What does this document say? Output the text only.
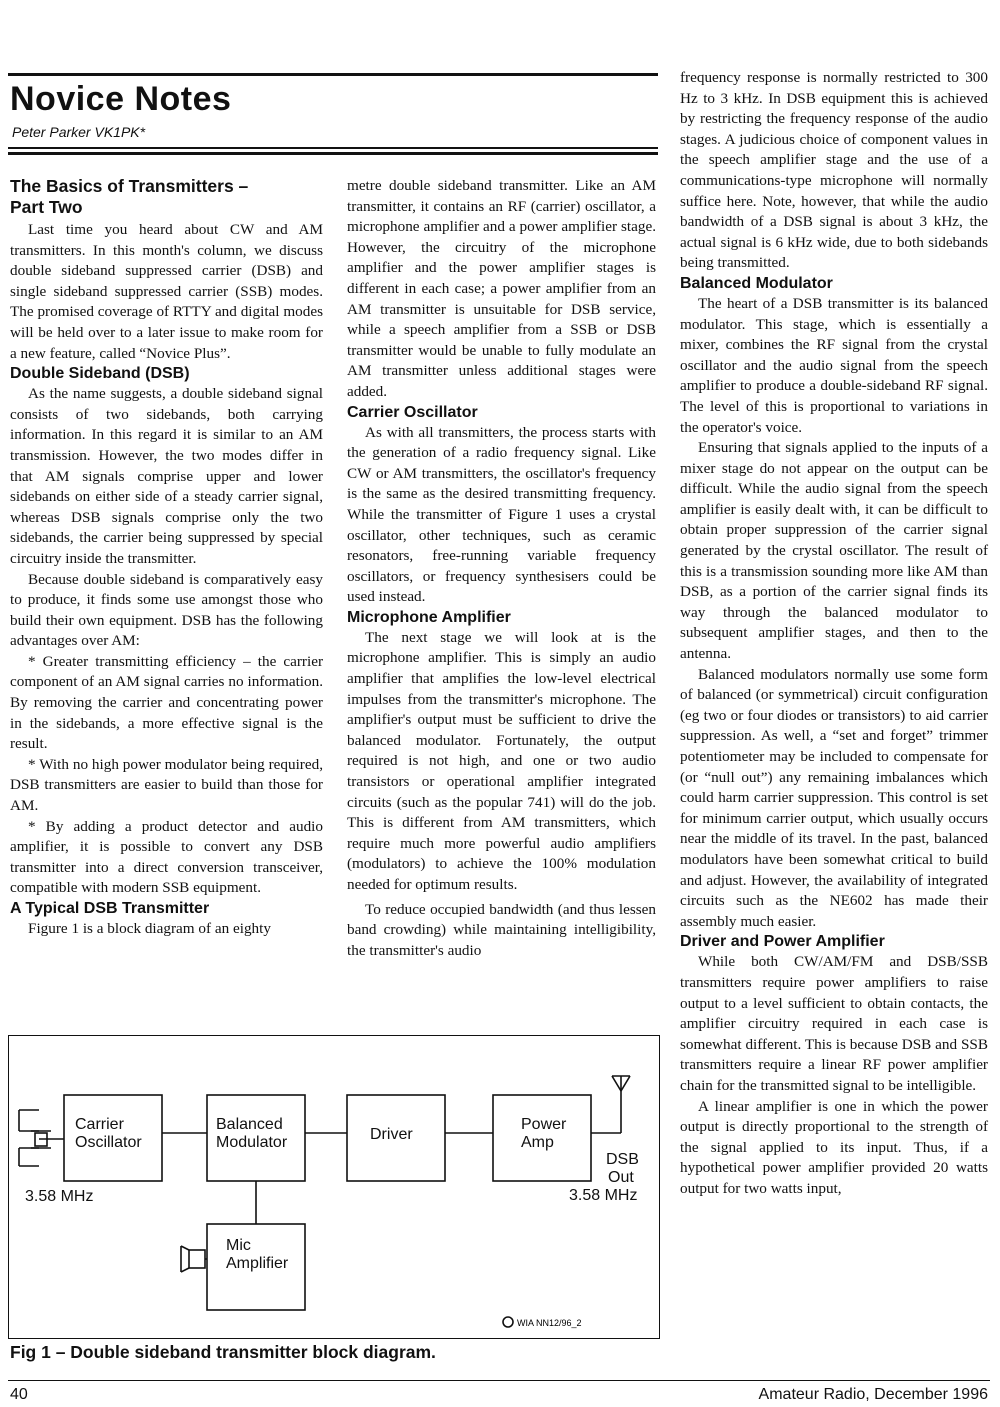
Novice Notes
Peter Parker VK1PK*
The Basics of Transmitters –
Part Two

Last time you heard about CW and AM transmitters. In this month's column, we discuss double sideband suppressed carrier (DSB) and single sideband suppressed carrier (SSB) modes. The promised coverage of RTTY and digital modes will be held over to a later issue to make room for a new feature, called “Novice Plus”.

Double Sideband (DSB)

As the name suggests, a double sideband signal consists of two sidebands, both carrying information. In this regard it is similar to an AM transmission. However, the two modes differ in that AM signals comprise upper and lower sidebands on either side of a steady carrier signal, whereas DSB signals comprise only the two sidebands, the carrier being suppressed by special circuitry inside the transmitter.

Because double sideband is comparatively easy to produce, it finds some use amongst those who build their own equipment. DSB has the following advantages over AM:

* Greater transmitting efficiency – the carrier component of an AM signal carries no information. By removing the carrier and concentrating power in the sidebands, a more effective signal is the result.

* With no high power modulator being required, DSB transmitters are easier to build than those for AM.

* By adding a product detector and audio amplifier, it is possible to convert any DSB transmitter into a direct conversion transceiver, compatible with modern SSB equipment.

A Typical DSB Transmitter

Figure 1 is a block diagram of an eighty

metre double sideband transmitter. Like an AM transmitter, it contains an RF (carrier) oscillator, a microphone amplifier and a power amplifier stage. However, the circuitry of the microphone amplifier and the power amplifier stages is different in each case; a power amplifier from an AM transmitter is unsuitable for DSB service, while a speech amplifier from a SSB or DSB transmitter would be unable to fully modulate an AM transmitter unless additional stages were added.

Carrier Oscillator

As with all transmitters, the process starts with the generation of a radio frequency signal. Like CW or AM transmitters, the oscillator's frequency is the same as the desired transmitting frequency. While the transmitter of Figure 1 uses a crystal oscillator, other techniques, such as ceramic resonators, free-running variable frequency oscillators, or frequency synthesisers could be used instead.

Microphone Amplifier

The next stage we will look at is the microphone amplifier. This is simply an audio amplifier that amplifies the low-level electrical impulses from the transmitter's microphone. The amplifier's output must be sufficient to drive the balanced modulator. Fortunately, the output required is not high, and one or two audio transistors or operational amplifier integrated circuits (such as the popular 741) will do the job. This is different from AM transmitters, which require much more powerful audio amplifiers (modulators) to achieve the 100% modulation needed for optimum results.

To reduce occupied bandwidth (and thus lessen band crowding) while maintaining intelligibility, the transmitter's audio

frequency response is normally restricted to 300 Hz to 3 kHz. In DSB equipment this is achieved by restricting the frequency response of the audio stages. A judicious choice of component values in the speech amplifier stage and the use of a communications-type microphone will normally suffice here. Note, however, that while the audio bandwidth of a DSB signal is about 3 kHz, the actual signal is 6 kHz wide, due to both sidebands being transmitted.

Balanced Modulator

The heart of a DSB transmitter is its balanced modulator. This stage, which is essentially a mixer, combines the RF signal from the crystal oscillator and the audio signal from the speech amplifier to produce a double-sideband RF signal. The level of this is proportional to variations in the operator's voice.

Ensuring that signals applied to the inputs of a mixer stage do not appear on the output can be difficult. While the audio signal from the speech amplifier is easily dealt with, it can be difficult to obtain proper suppression of the carrier signal generated by the crystal oscillator. The result of this is a transmission sounding more like AM than DSB, as a portion of the carrier signal finds its way through the balanced modulator to subsequent amplifier stages, and then to the antenna.

Balanced modulators normally use some form of balanced (or symmetrical) circuit configuration (eg two or four diodes or transistors) to aid carrier suppression. As well, a “set and forget” trimmer potentiometer may be included to compensate for (or “null out”) any remaining imbalances which could harm carrier suppression. This control is set for minimum carrier output, which usually occurs near the middle of its travel. In the past, balanced modulators have been somewhat critical to build and adjust. However, the availability of integrated circuits such as the NE602 has made their assembly much easier.

Driver and Power Amplifier

While both CW/AM/FM and DSB/SSB transmitters require power amplifiers to raise output to a level sufficient to obtain contacts, the amplifier circuitry required in each case is somewhat different. This is because DSB and SSB transmitters require a linear RF power amplifier chain for the transmitted signal to be intelligible.

A linear amplifier is one in which the power output is directly proportional to the strength of the signal applied to its input. Thus, if a hypothetical power amplifier provided 20 watts output for two watts input,

Carrier
Oscillator
3.58 MHz
Balanced
Modulator	Driver
Power
Amp
DSB
Out
3.58 MHz
Mic
Amplifier
WIA NN12/96_2
Fig 1 – Double sideband transmitter block diagram.
40	Amateur Radio, December 1996
